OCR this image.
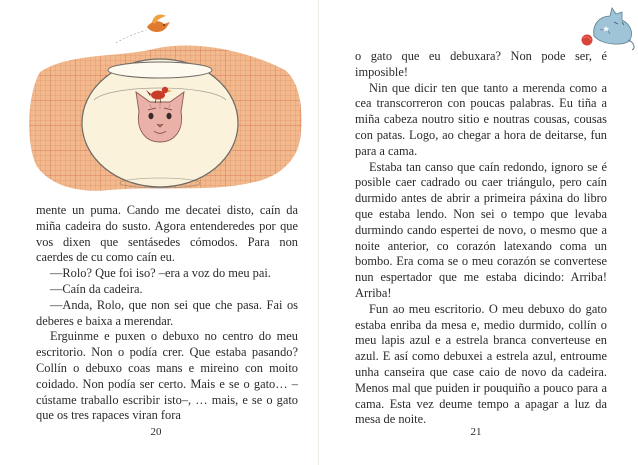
mente un puma. Cando me decatei disto, caín da miña cadeira do susto. Agora entenderedes por que vos dixen que sentásedes cómodos. Para non caerdes de cu como caín eu.

—Rolo? Que foi iso? –era a voz do meu pai.

—Caín da cadeira.

—Anda, Rolo, que non sei que che pasa. Fai os deberes e baixa a merendar.

Erguinme e puxen o debuxo no centro do meu escritorio. Non o podía crer. Que estaba pasando? Collín o debuxo coas mans e mireino con moito coidado. Non podía ser certo. Mais e se o gato… –cústame traballo escribir isto–, … mais, e se o gato que os tres rapaces viran fora

20

o gato que eu debuxara? Non pode ser, é imposible!

Nin que dicir ten que tanto a merenda como a cea transcorreron con poucas palabras. Eu tiña a miña cabeza noutro sitio e noutras cousas, cousas con patas. Logo, ao chegar a hora de deitarse, fun para a cama.

Estaba tan canso que caín redondo, ignoro se é posible caer cadrado ou caer triángulo, pero caín durmido antes de abrir a primeira páxina do libro que estaba lendo. Non sei o tempo que levaba durmindo cando espertei de novo, o mesmo que a noite anterior, co corazón latexando coma un bombo. Era coma se o meu corazón se convertese nun espertador que me estaba dicindo: Arriba! Arriba!

Fun ao meu escritorio. O meu debuxo do gato estaba enriba da mesa e, medio durmido, collín o meu lapis azul e a estrela branca converteuse en azul. E así como debuxei a estrela azul, entroume unha canseira que case caio de novo da cadeira. Menos mal que puiden ir pouquiño a pouco para a cama. Esta vez deume tempo a apagar a luz da mesa de noite.

21
